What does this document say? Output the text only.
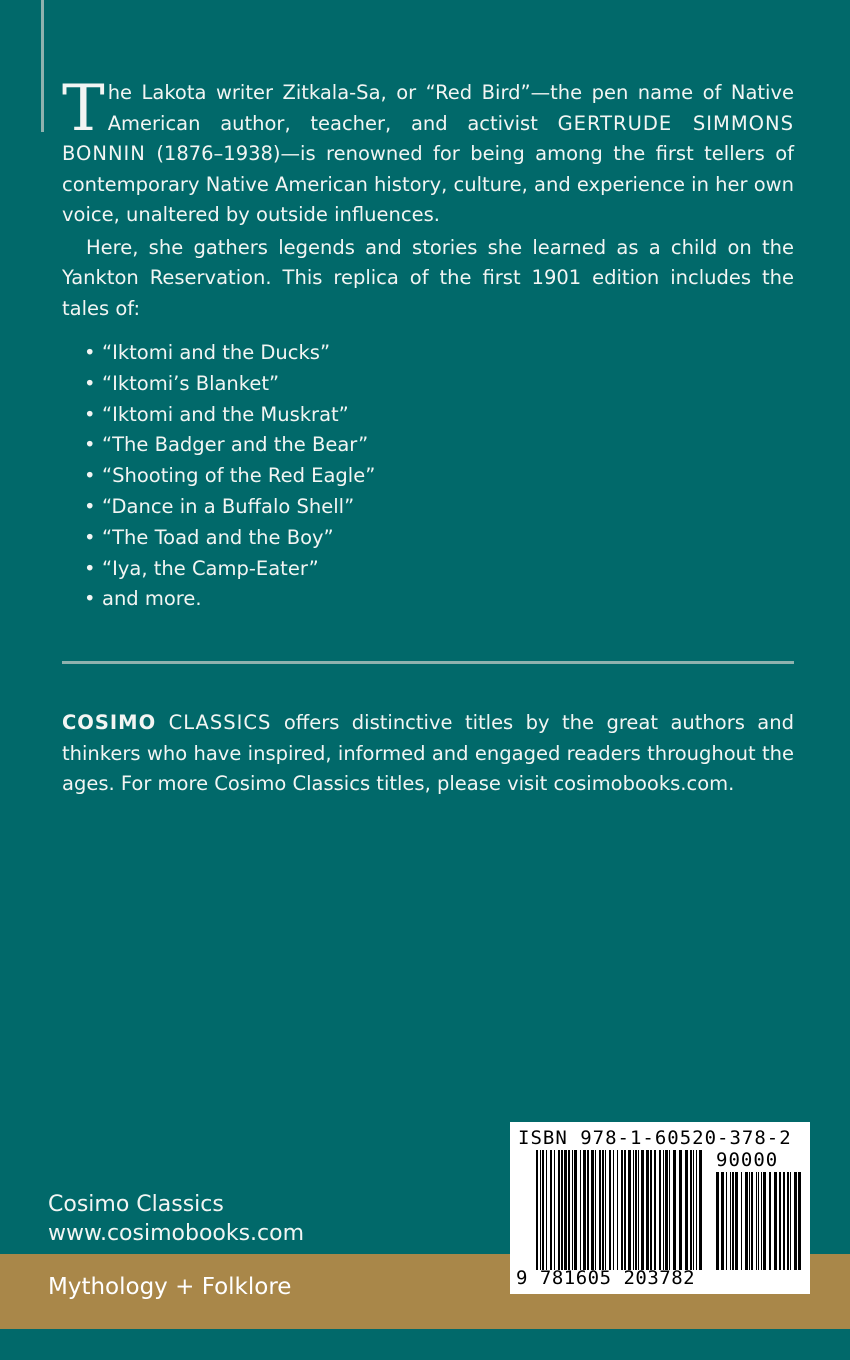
The Lakota writer Zitkala-Sa, or “Red Bird”—the pen name of Native American author, teacher, and activist GERTRUDE SIMMONS BONNIN (1876–1938)—is renowned for being among the first tellers of contemporary Native American history, culture, and experience in her own voice, unaltered by outside influences.

Here, she gathers legends and stories she learned as a child on the Yankton Reservation. This replica of the first 1901 edition includes the tales of:

• “Iktomi and the Ducks”
• “Iktomi’s Blanket”
• “Iktomi and the Muskrat”
• “The Badger and the Bear”
• “Shooting of the Red Eagle”
• “Dance in a Buffalo Shell”
• “The Toad and the Boy”
• “Iya, the Camp-Eater”
• and more.
COSIMO CLASSICS offers distinctive titles by the great authors and thinkers who have inspired, informed and engaged readers throughout the ages. For more Cosimo Classics titles, please visit cosimobooks.com.
Cosimo Classics
www.cosimobooks.com
Mythology + Folklore
ISBN 978-1-60520-378-2
90000
9 781605 203782
